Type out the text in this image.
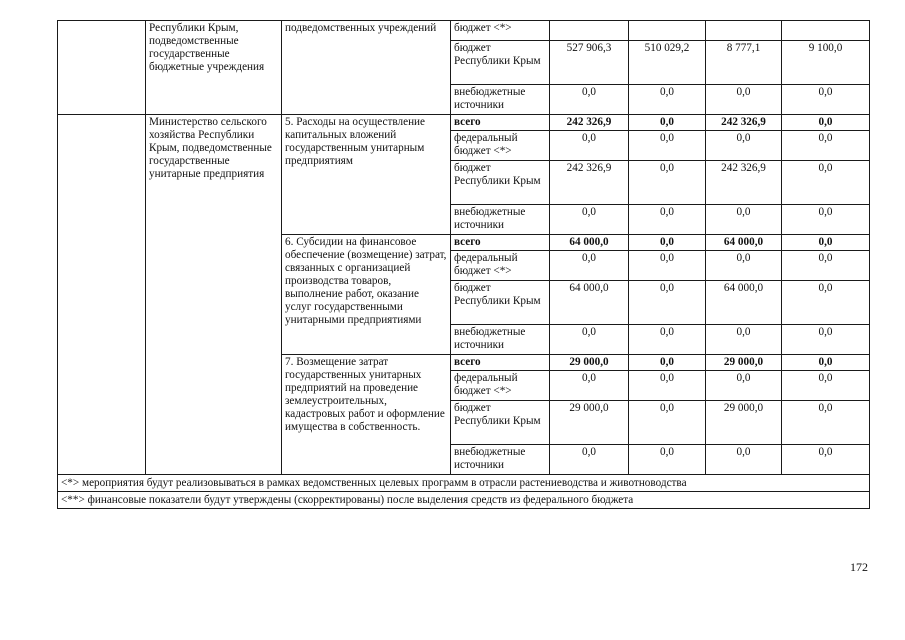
	Республики Крым, подведомственные государственные бюджетные учреждения	подведомственных учреждений	бюджет <*>				
			бюджет Республики Крым	527 906,3	510 029,2	8 777,1	9 100,0
			внебюджетные источники	0,0	0,0	0,0	0,0
	Министерство сельского хозяйства Республики Крым, подведомственные государственные унитарные предприятия	5. Расходы на осуществление капитальных вложений государственным унитарным предприятиям	всего	242 326,9	0,0	242 326,9	0,0
			федеральный бюджет <*>	0,0	0,0	0,0	0,0
			бюджет Республики Крым	242 326,9	0,0	242 326,9	0,0
			внебюджетные источники	0,0	0,0	0,0	0,0
		6. Субсидии на финансовое обеспечение (возмещение) затрат, связанных с организацией производства товаров, выполнение работ, оказание услуг государственными унитарными предприятиями	всего	64 000,0	0,0	64 000,0	0,0
			федеральный бюджет <*>	0,0	0,0	0,0	0,0
			бюджет Республики Крым	64 000,0	0,0	64 000,0	0,0
			внебюджетные источники	0,0	0,0	0,0	0,0
		7. Возмещение затрат государственных унитарных предприятий на проведение землеустроительных, кадастровых работ и оформление имущества в собственность.	всего	29 000,0	0,0	29 000,0	0,0
			федеральный бюджет <*>	0,0	0,0	0,0	0,0
			бюджет Республики Крым	29 000,0	0,0	29 000,0	0,0
			внебюджетные источники	0,0	0,0	0,0	0,0
<*> мероприятия будут реализовываться в рамках ведомственных целевых программ в отрасли растениеводства и животноводства							
<**> финансовые показатели будут утверждены (скорректированы) после выделения средств из федерального бюджета							
172
